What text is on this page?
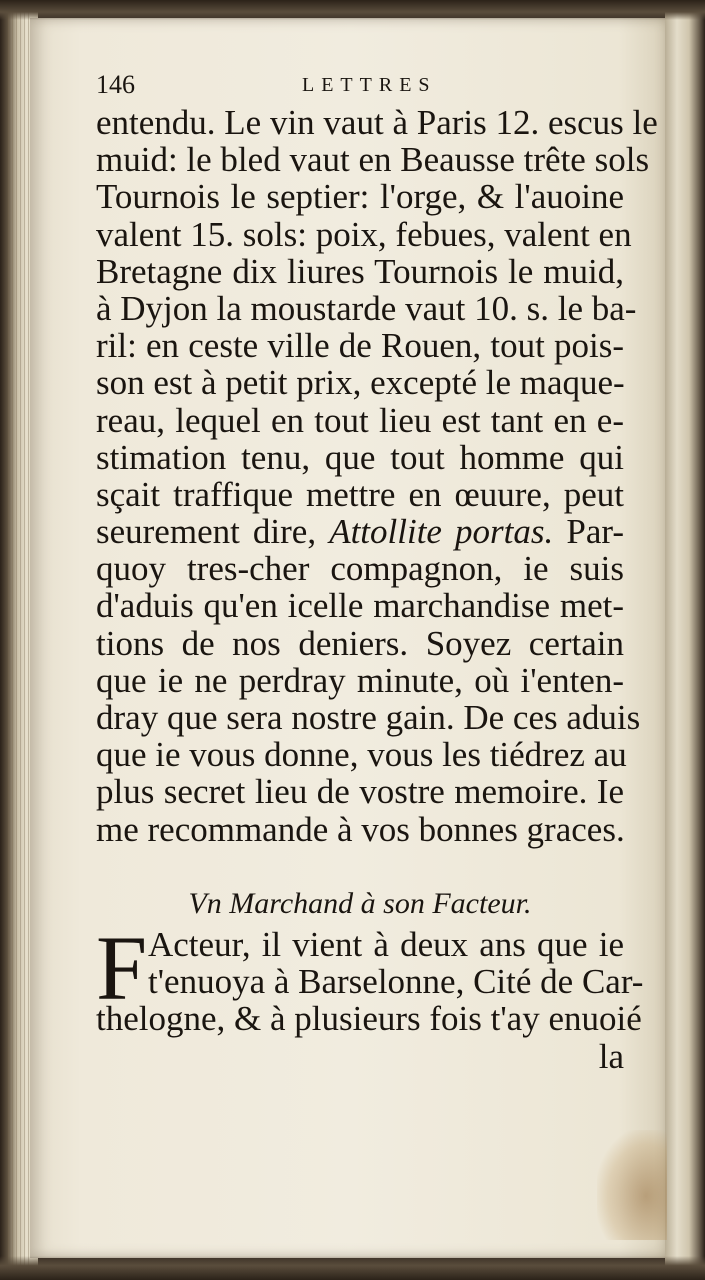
146	LETTRES
entendu. Le vin vaut à Paris 12. escus le
muid: le bled vaut en Beausse trête sols
Tournois le septier: l'orge, & l'auoine
valent 15. sols: poix, febues, valent en
Bretagne dix liures Tournois le muid,
à Dyjon la moustarde vaut 10. s. le ba-
ril: en ceste ville de Rouen, tout pois-
son est à petit prix, excepté le maque-
reau, lequel en tout lieu est tant en e-
stimation tenu, que tout homme qui
sçait traffique mettre en œuure, peut
seurement dire, Attollite portas. Par-
quoy tres-cher compagnon, ie suis
d'aduis qu'en icelle marchandise met-
tions de nos deniers. Soyez certain
que ie ne perdray minute, où i'enten-
dray que sera nostre gain. De ces aduis
que ie vous donne, vous les tiédrez au
plus secret lieu de vostre memoire. Ie
me recommande à vos bonnes graces.
Vn Marchand à son Facteur.
F Acteur, il vient à deux ans que ie
t'enuoya à Barselonne, Cité de Car-
thelogne, & à plusieurs fois t'ay enuoié
la
